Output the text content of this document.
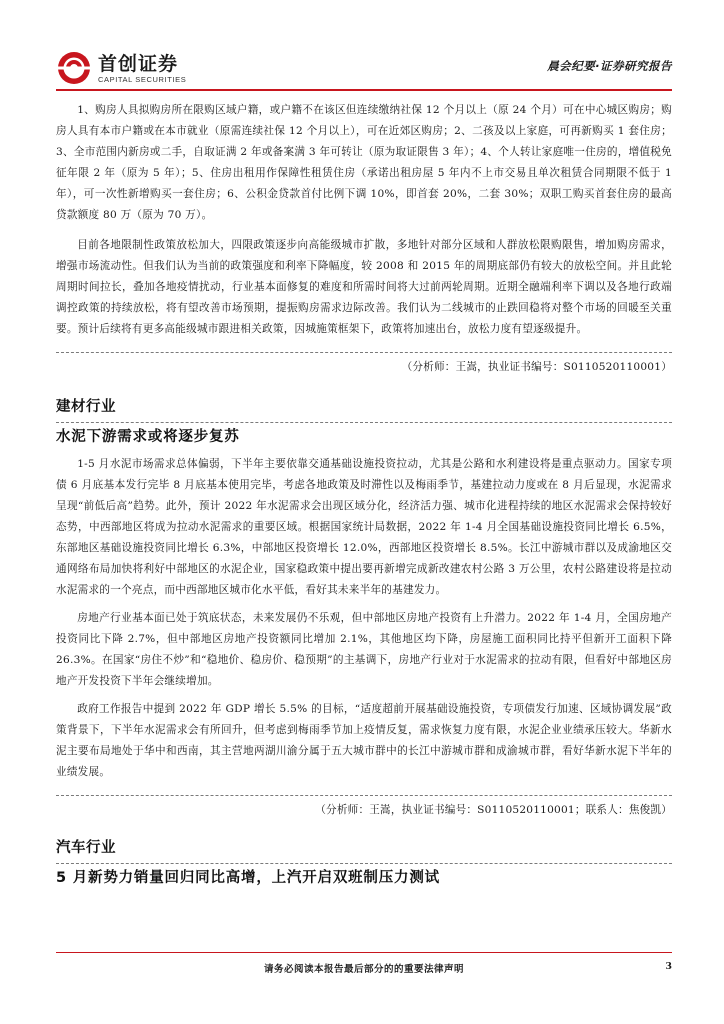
首创证券
CAPITAL SECURITIES
晨会纪要·证券研究报告

1、购房人具拟购房所在限购区域户籍，或户籍不在该区但连续缴纳社保 12 个月以上（原 24 个月）可在中心城区购房；购房人具有本市户籍或在本市就业（原需连续社保 12 个月以上），可在近郊区购房；2、二孩及以上家庭，可再新购买 1 套住房；3、全市范围内新房或二手，自取证满 2 年或备案满 3 年可转让（原为取证限售 3 年）；4、个人转让家庭唯一住房的，增值税免征年限 2 年（原为 5 年）；5、住房出租用作保障性租赁住房（承诺出租房屋 5 年内不上市交易且单次租赁合同期限不低于 1 年），可一次性新增购买一套住房；6、公积金贷款首付比例下调 10%，即首套 20%，二套 30%；双职工购买首套住房的最高贷款额度 80 万（原为 70 万）。

目前各地限制性政策放松加大，四限政策逐步向高能级城市扩散，多地针对部分区域和人群放松限购限售，增加购房需求，增强市场流动性。但我们认为当前的政策强度和利率下降幅度，较 2008 和 2015 年的周期底部仍有较大的放松空间。并且此轮周期时间拉长，叠加各地疫情扰动，行业基本面修复的难度和所需时间将大过前两轮周期。近期全融端利率下调以及各地行政端调控政策的持续放松，将有望改善市场预期，提振购房需求边际改善。我们认为二线城市的止跌回稳将对整个市场的回暖至关重要。预计后续将有更多高能级城市跟进相关政策，因城施策框架下，政策将加速出台，放松力度有望逐级提升。

（分析师：王嵩，执业证书编号：S0110520110001）
建材行业
水泥下游需求或将逐步复苏

1-5 月水泥市场需求总体偏弱，下半年主要依靠交通基础设施投资拉动，尤其是公路和水利建设将是重点驱动力。国家专项债 6 月底基本发行完毕 8 月底基本使用完毕，考虑各地政策及时滞性以及梅雨季节，基建拉动力度或在 8 月后显现，水泥需求呈现“前低后高”趋势。此外，预计 2022 年水泥需求会出现区域分化，经济活力强、城市化进程持续的地区水泥需求会保持较好态势，中西部地区将成为拉动水泥需求的重要区域。根据国家统计局数据，2022 年 1-4 月全国基础设施投资同比增长 6.5%，东部地区基础设施投资同比增长 6.3%，中部地区投资增长 12.0%，西部地区投资增长 8.5%。长江中游城市群以及成渝地区交通网络布局加快将利好中部地区的水泥企业，国家稳政策中提出要再新增完成新改建农村公路 3 万公里，农村公路建设将是拉动水泥需求的一个亮点，而中西部地区城市化水平低，看好其未来半年的基建发力。

房地产行业基本面已处于筑底状态，未来发展仍不乐观，但中部地区房地产投资有上升潜力。2022 年 1-4 月，全国房地产投资同比下降 2.7%，但中部地区房地产投资额同比增加 2.1%，其他地区均下降，房屋施工面积同比持平但新开工面积下降 26.3%。在国家“房住不炒”和“稳地价、稳房价、稳预期”的主基调下，房地产行业对于水泥需求的拉动有限，但看好中部地区房地产开发投资下半年会继续增加。

政府工作报告中提到 2022 年 GDP 增长 5.5% 的目标，“适度超前开展基础设施投资，专项债发行加速、区域协调发展”政策背景下，下半年水泥需求会有所回升，但考虑到梅雨季节加上疫情反复，需求恢复力度有限，水泥企业业绩承压较大。华新水泥主要布局地处于华中和西南，其主营地两湖川渝分属于五大城市群中的长江中游城市群和成渝城市群，看好华新水泥下半年的业绩发展。

（分析师：王嵩，执业证书编号：S0110520110001；联系人：焦俊凯）
汽车行业
5 月新势力销量回归同比高增，上汽开启双班制压力测试
请务必阅读本报告最后部分的的重要法律声明	3
